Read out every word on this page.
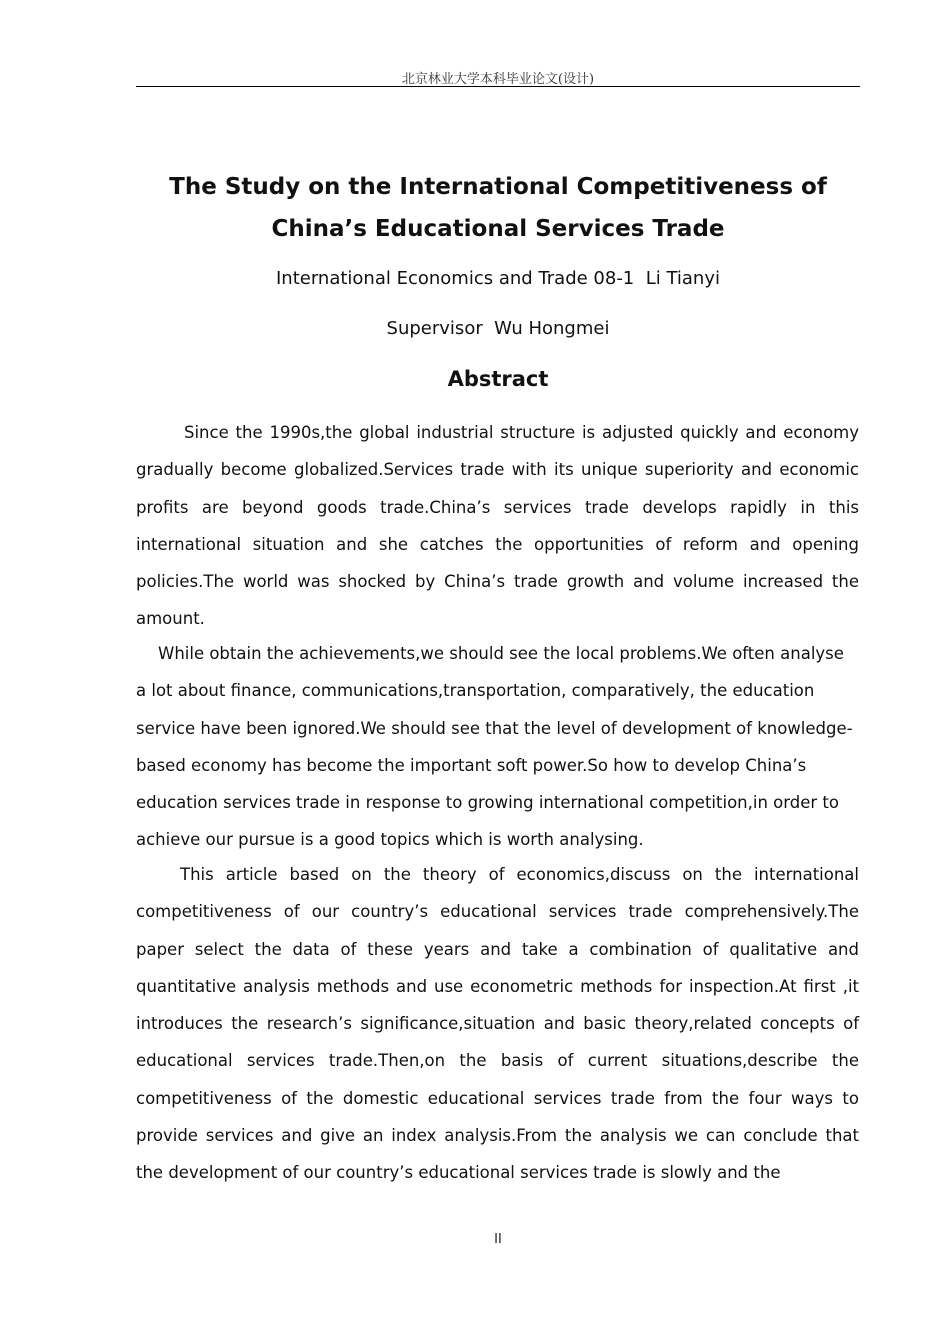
北京林业大学本科毕业论文(设计)
The Study on the International Competitiveness of
China’s Educational Services Trade
International Economics and Trade 08-1  Li Tianyi
Supervisor  Wu Hongmei
Abstract

Since the 1990s,the global industrial structure is adjusted quickly and economy gradually become globalized.Services trade with its unique superiority and economic profits are beyond goods trade.China’s services trade develops rapidly in this international situation and she catches the opportunities of reform and opening policies.The world was shocked by China’s trade growth and volume increased the amount.

While obtain the achievements,we should see the local problems.We often analyse a lot about finance, communications,transportation, comparatively, the education service have been ignored.We should see that the level of development of knowledge-based economy has become the important soft power.So how to develop China’s education services trade in response to growing international competition,in order to achieve our pursue is a good topics which is worth analysing.

This article based on the theory of economics,discuss on the international competitiveness of our country’s educational services trade comprehensively.The paper select the data of these years and take a combination of qualitative and quantitative analysis methods and use econometric methods for inspection.At first ,it introduces the research’s significance,situation and basic theory,related concepts of educational services trade.Then,on the basis of current situations,describe the competitiveness of the domestic educational services trade from the four ways to provide services and give an index analysis.From the analysis we can conclude that the development of our country’s educational services trade is slowly and the

II
